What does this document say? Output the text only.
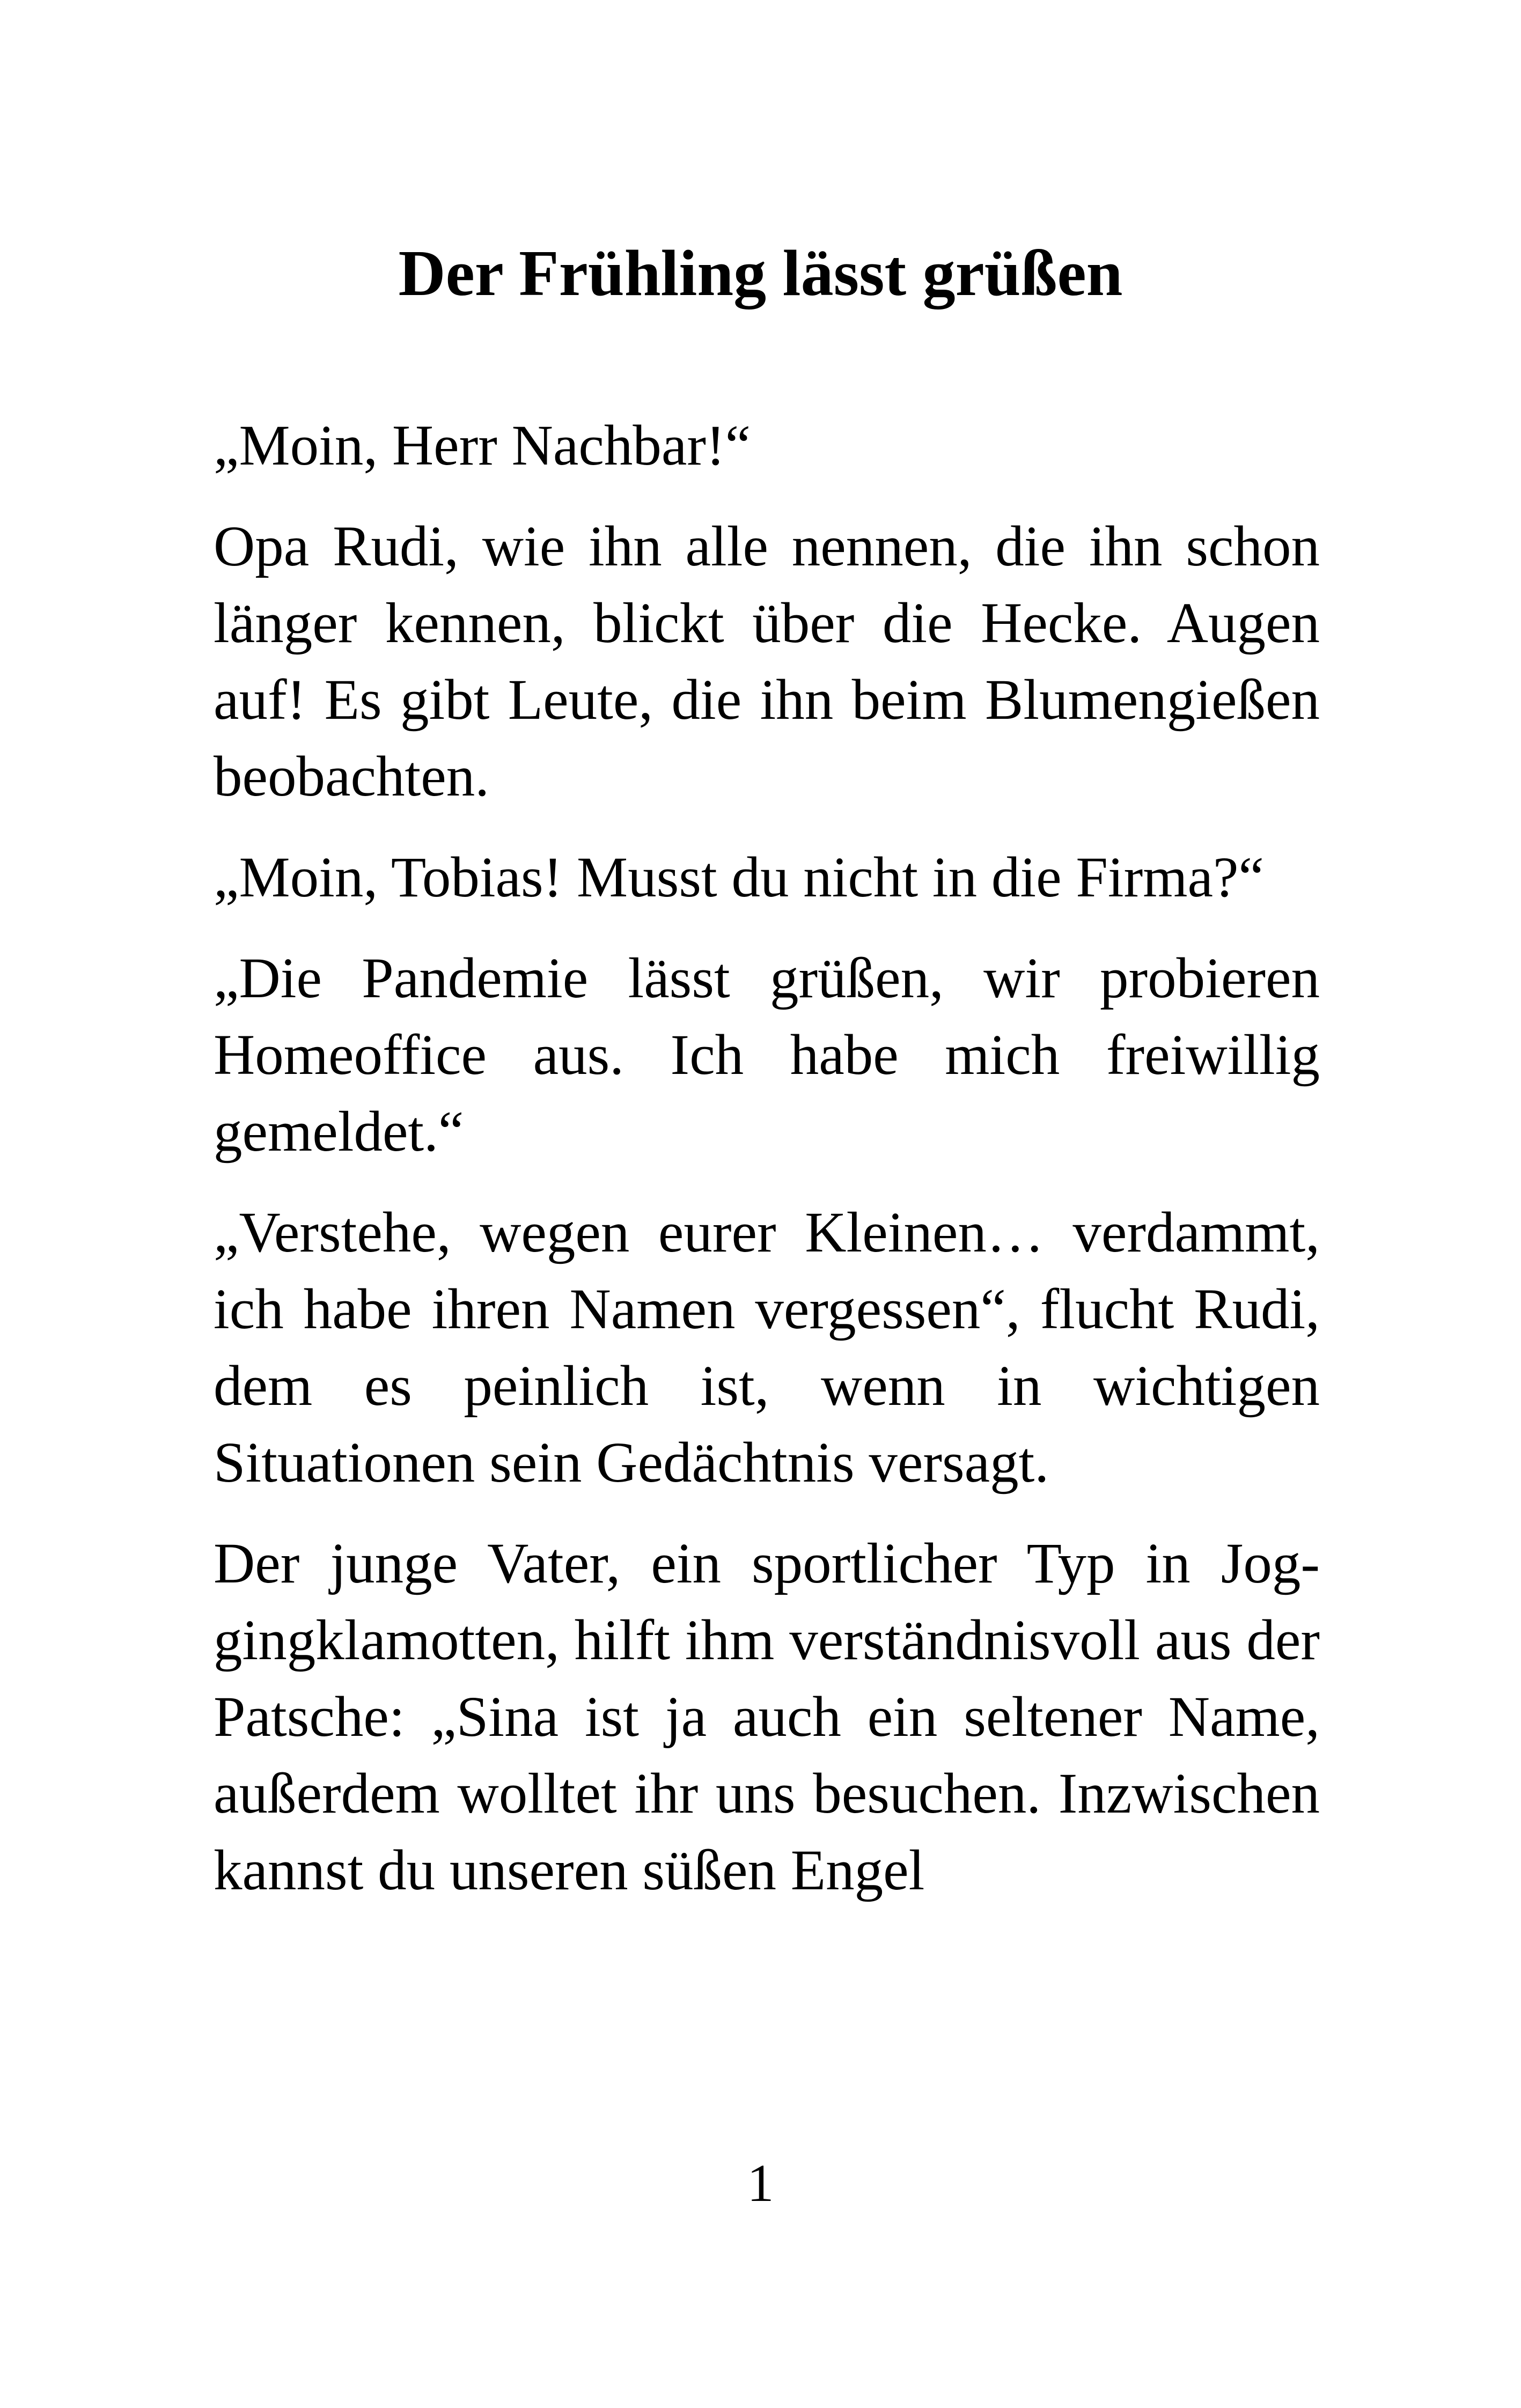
Der Frühling lässt grüßen

„Moin, Herr Nachbar!“

Opa Rudi, wie ihn alle nennen, die ihn schon länger kennen, blickt über die Hecke. Augen auf! Es gibt Leute, die ihn beim Blumengießen beobachten.

„Moin, Tobias! Musst du nicht in die Firma?“

„Die Pandemie lässt grüßen, wir probieren Homeoffice aus. Ich habe mich freiwillig gemeldet.“

„Verstehe, wegen eurer Kleinen… verdammt, ich habe ihren Namen vergessen“, flucht Rudi, dem es peinlich ist, wenn in wichtigen Situationen sein Gedächtnis versagt.

Der junge Vater, ein sportlicher Typ in Joggingklamotten, hilft ihm verständnisvoll aus der Patsche: „Sina ist ja auch ein seltener Name, außerdem wolltet ihr uns besuchen. Inzwischen kannst du unseren süßen Engel

1
